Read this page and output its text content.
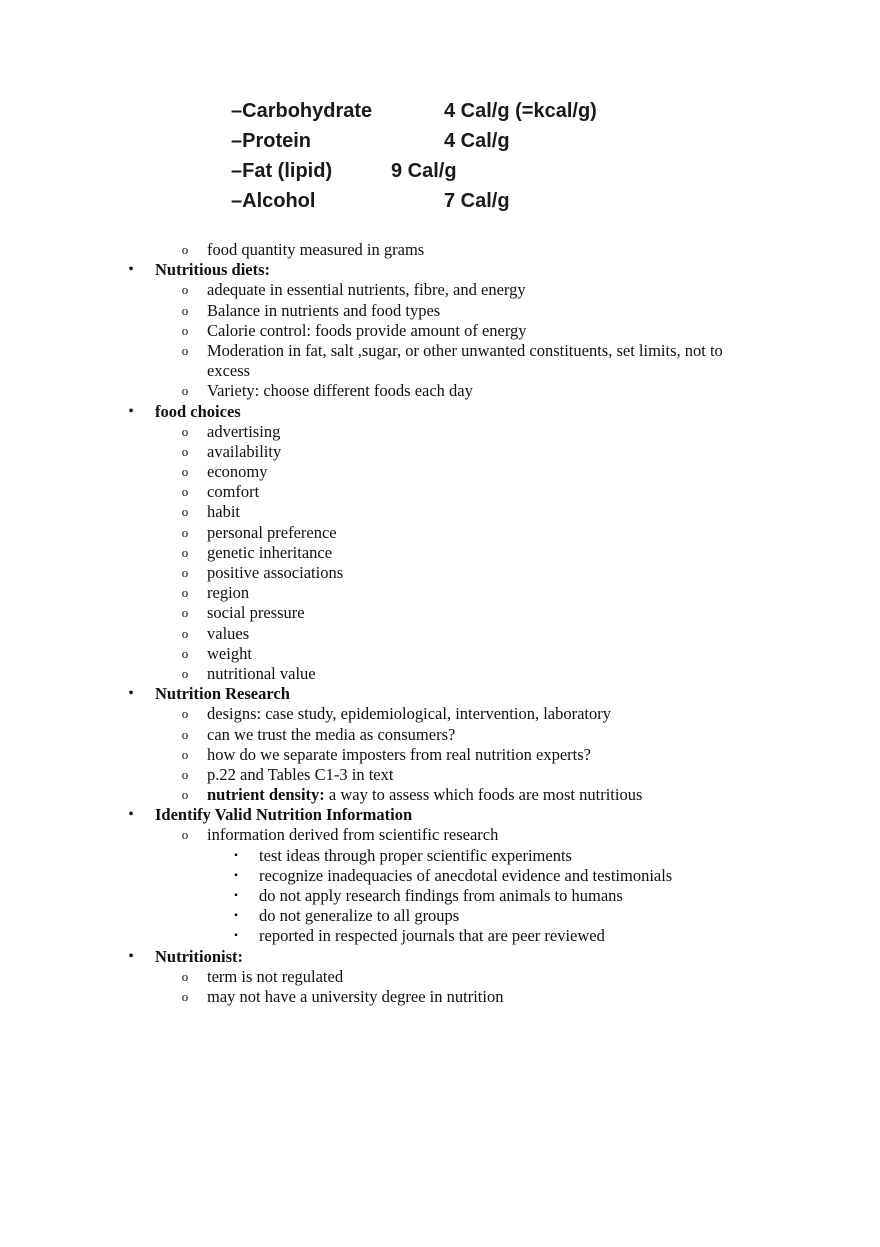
–Carbohydrate	4 Cal/g (=kcal/g)
–Protein	4 Cal/g
–Fat (lipid)	9 Cal/g
–Alcohol	7 Cal/g
o food quantity measured in grams
• Nutritious diets:
o adequate in essential nutrients, fibre, and energy
o Balance in nutrients and food types
o Calorie control: foods provide amount of energy
o Moderation in fat, salt ,sugar, or other unwanted constituents, set limits, not to
excess
o Variety: choose different foods each day
• food choices
o advertising
o availability
o economy
o comfort
o habit
o personal preference
o genetic inheritance
o positive associations
o region
o social pressure
o values
o weight
o nutritional value
• Nutrition Research
o designs: case study, epidemiological, intervention, laboratory
o can we trust the media as consumers?
o how do we separate imposters from real nutrition experts?
o p.22 and Tables C1-3 in text
o nutrient density: a way to assess which foods are most nutritious
• Identify Valid Nutrition Information
o information derived from scientific research
▪ test ideas through proper scientific experiments
▪ recognize inadequacies of anecdotal evidence and testimonials
▪ do not apply research findings from animals to humans
▪ do not generalize to all groups
▪ reported in respected journals that are peer reviewed
• Nutritionist:
o term is not regulated
o may not have a university degree in nutrition
